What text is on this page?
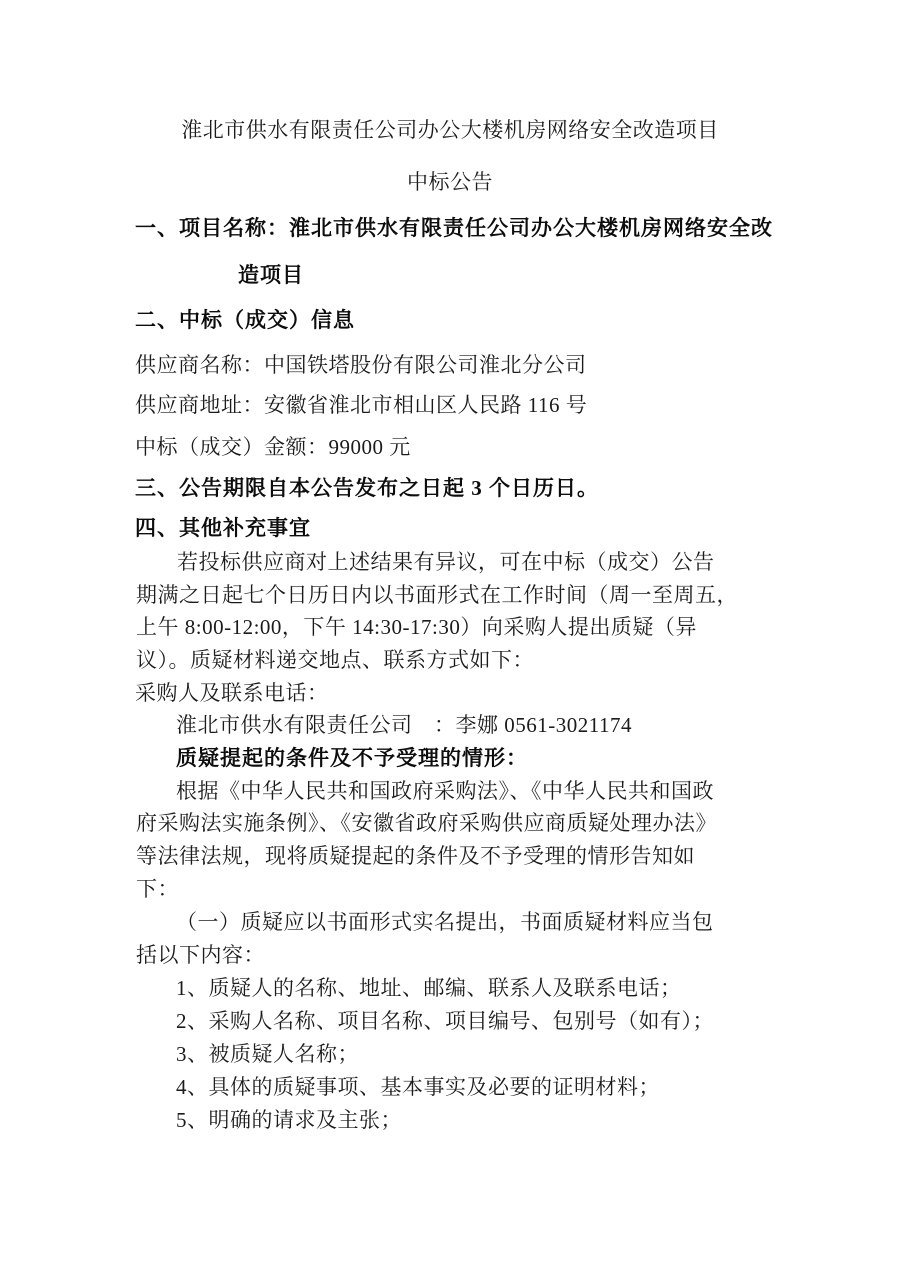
淮北市供水有限责任公司办公大楼机房网络安全改造项目
中标公告
一、项目名称：淮北市供水有限责任公司办公大楼机房网络安全改
造项目
二、中标（成交）信息
供应商名称：中国铁塔股份有限公司淮北分公司
供应商地址：安徽省淮北市相山区人民路 116 号
中标（成交）金额：99000 元
三、公告期限自本公告发布之日起 3 个日历日。
四、其他补充事宜
若投标供应商对上述结果有异议，可在中标（成交）公告
期满之日起七个日历日内以书面形式在工作时间（周一至周五，
上午 8:00-12:00，下午 14:30-17:30）向采购人提出质疑（异
议）。质疑材料递交地点、联系方式如下：
采购人及联系电话：
淮北市供水有限责任公司　：李娜 0561-3021174
质疑提起的条件及不予受理的情形：
根据《中华人民共和国政府采购法》、《中华人民共和国政
府采购法实施条例》、《安徽省政府采购供应商质疑处理办法》
等法律法规，现将质疑提起的条件及不予受理的情形告知如
下：
（一）质疑应以书面形式实名提出，书面质疑材料应当包
括以下内容：
1、质疑人的名称、地址、邮编、联系人及联系电话；
2、采购人名称、项目名称、项目编号、包别号（如有）；
3、被质疑人名称；
4、具体的质疑事项、基本事实及必要的证明材料；
5、明确的请求及主张；
